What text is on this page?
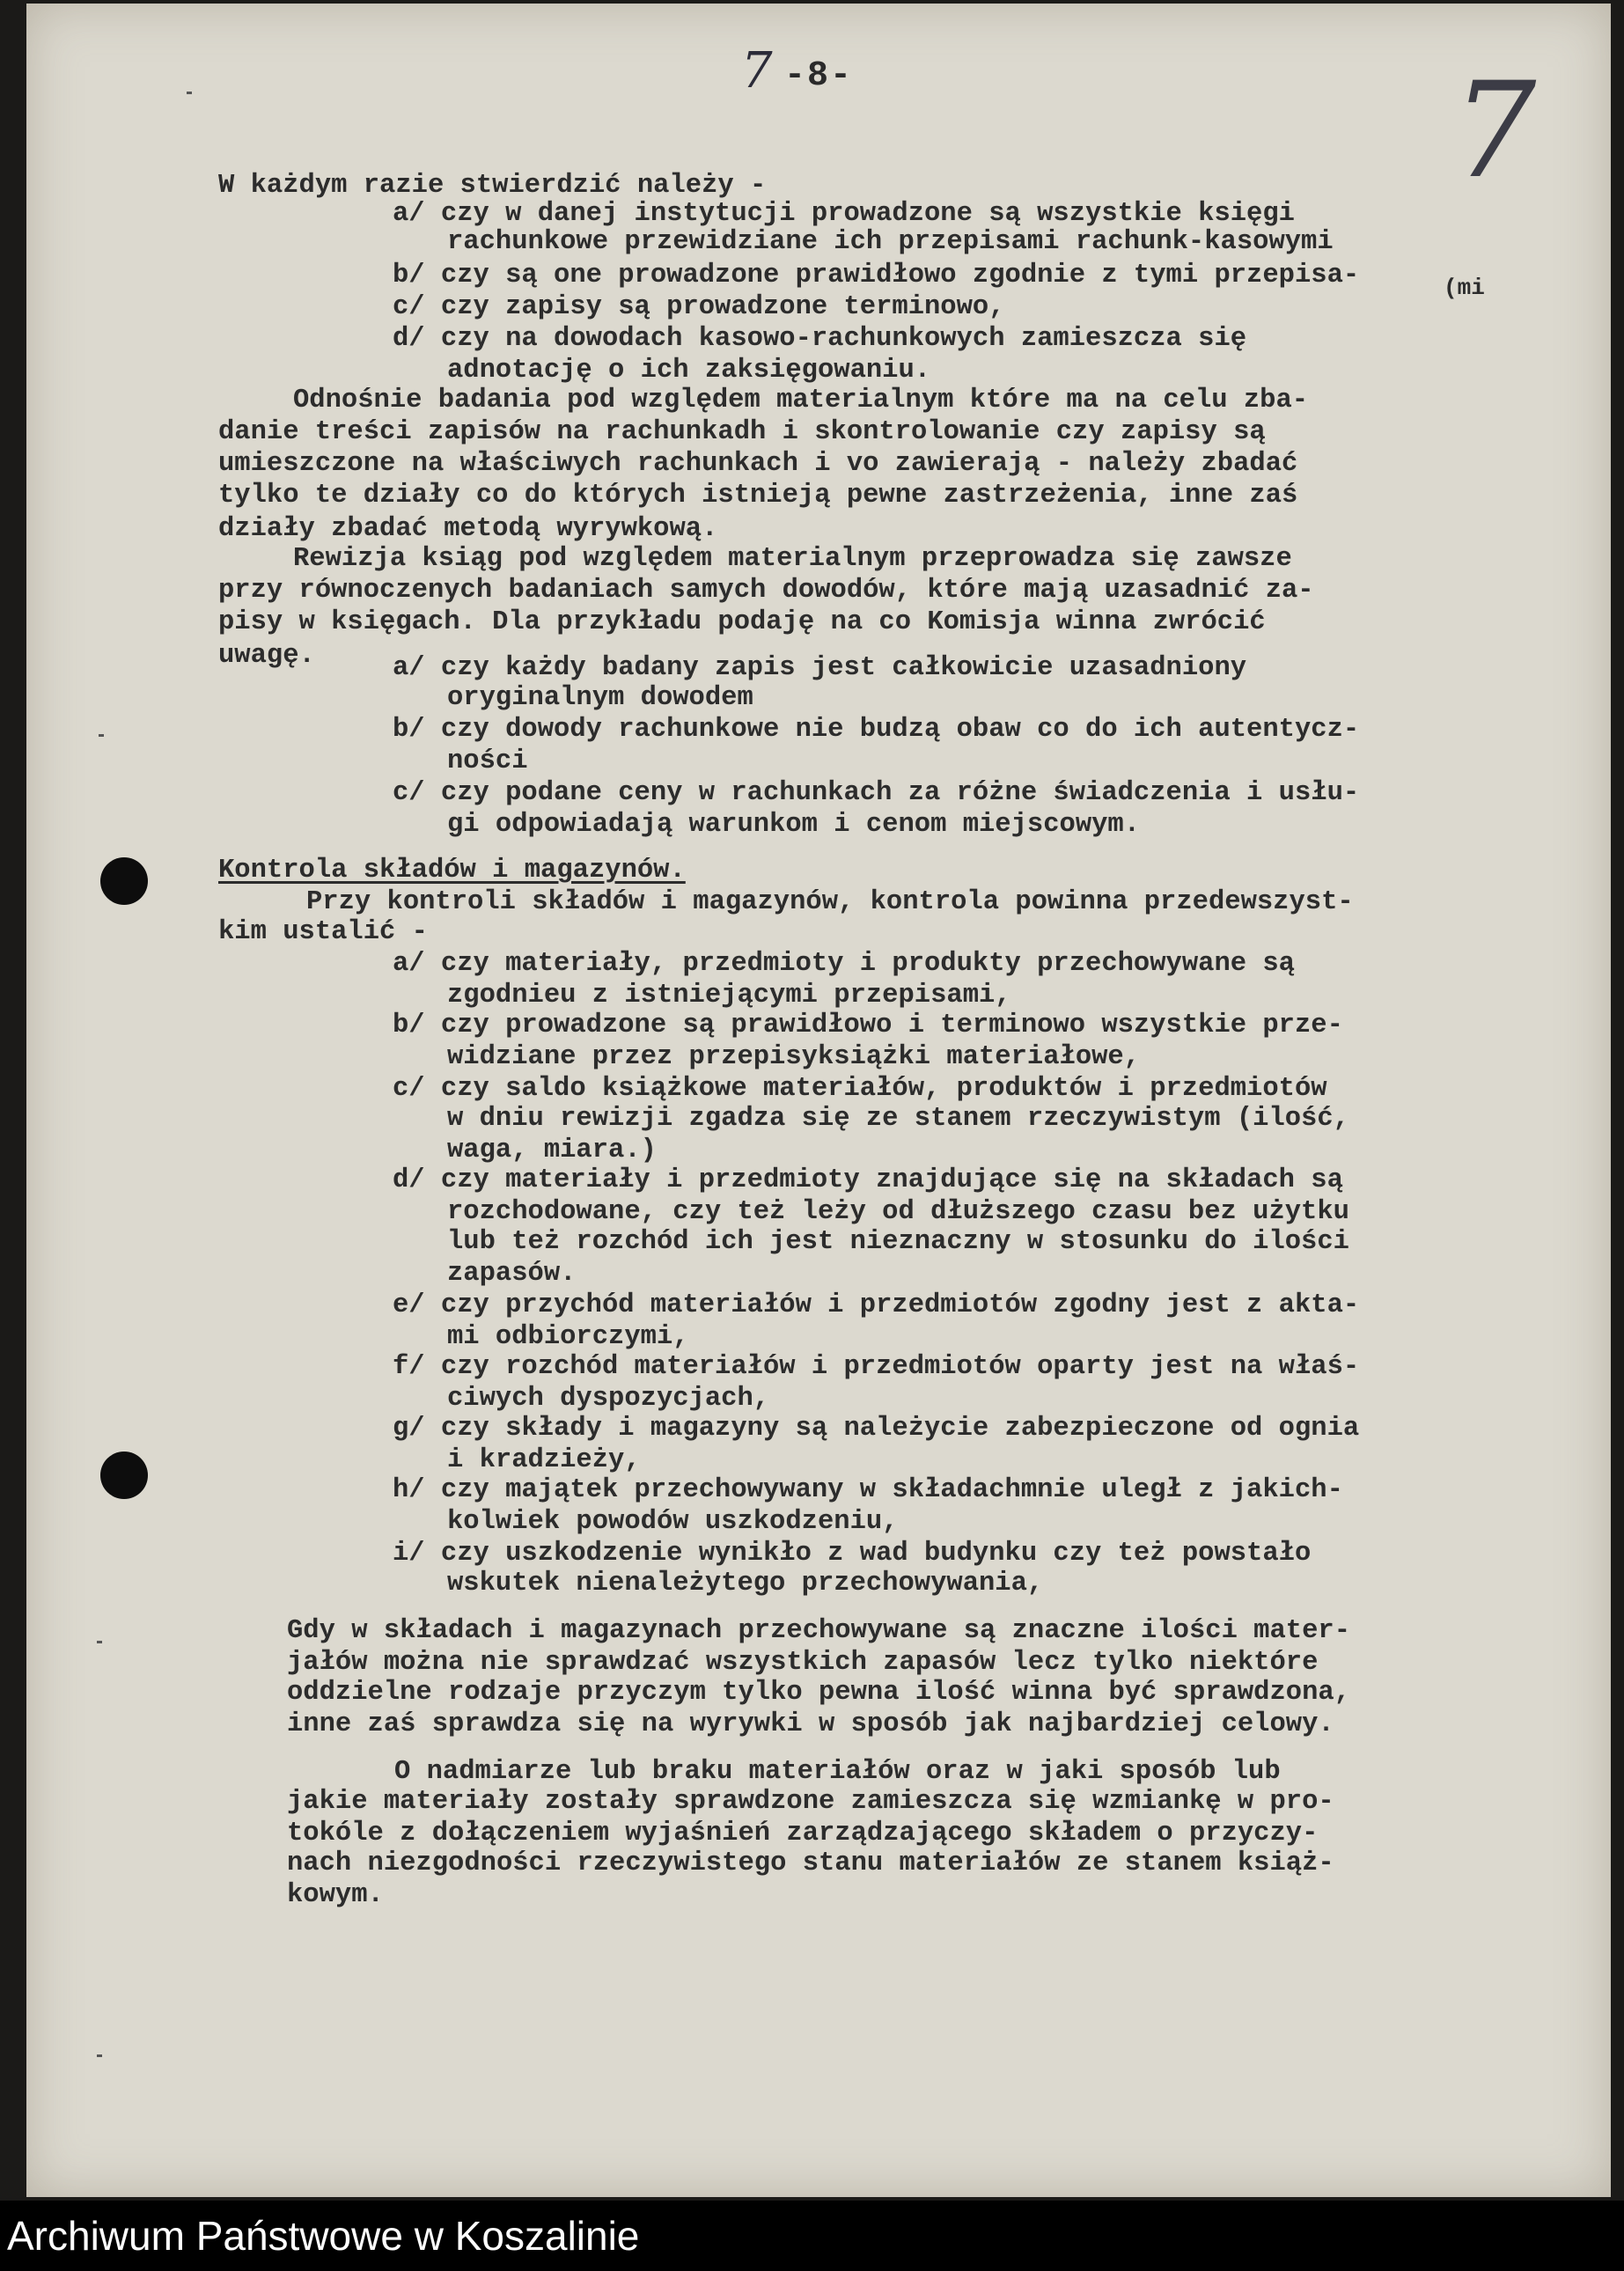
7 -8-	7
W każdym razie stwierdzić należy -
a/ czy w danej instytucji prowadzone są wszystkie księgi
rachunkowe przewidziane ich przepisami rachunk-kasowymi
b/ czy są one prowadzone prawidłowo zgodnie z tymi przepisa-
c/ czy zapisy są prowadzone terminowo,
d/ czy na dowodach kasowo-rachunkowych zamieszcza się
adnotację o ich zaksięgowaniu.
Odnośnie badania pod względem materialnym które ma na celu zba-
danie treści zapisów na rachunkadh i skontrolowanie czy zapisy są
umieszczone na właściwych rachunkach i vo zawierają - należy zbadać
tylko te działy co do których istnieją pewne zastrzeżenia, inne zaś
działy zbadać metodą wyrywkową.
Rewizja ksiąg pod względem materialnym przeprowadza się zawsze
przy równoczenych badaniach samych dowodów, które mają uzasadnić za-
pisy w księgach. Dla przykładu podaję na co Komisja winna zwrócić
uwagę.	a/ czy każdy badany zapis jest całkowicie uzasadniony
oryginalnym dowodem
b/ czy dowody rachunkowe nie budzą obaw co do ich autentycz-
ności
c/ czy podane ceny w rachunkach za różne świadczenia i usłu-
gi odpowiadają warunkom i cenom miejscowym.
Kontrola składów i magazynów.
Przy kontroli składów i magazynów, kontrola powinna przedewszyst-
kim ustalić -
a/ czy materiały, przedmioty i produkty przechowywane są
zgodnieu z istniejącymi przepisami,
b/ czy prowadzone są prawidłowo i terminowo wszystkie prze-
widziane przez przepisyksiążki materiałowe,
c/ czy saldo książkowe materiałów, produktów i przedmiotów
w dniu rewizji zgadza się ze stanem rzeczywistym (ilość,
waga, miara.)
d/ czy materiały i przedmioty znajdujące się na składach są
rozchodowane, czy też leży od dłuższego czasu bez użytku
lub też rozchód ich jest nieznaczny w stosunku do ilości
zapasów.
e/ czy przychód materiałów i przedmiotów zgodny jest z akta-
mi odbiorczymi,
f/ czy rozchód materiałów i przedmiotów oparty jest na właś-
ciwych dyspozycjach,
g/ czy składy i magazyny są należycie zabezpieczone od ognia
i kradzieży,
h/ czy majątek przechowywany w składachmnie uległ z jakich-
kolwiek powodów uszkodzeniu,
i/ czy uszkodzenie wynikło z wad budynku czy też powstało
wskutek nienależytego przechowywania,
Gdy w składach i magazynach przechowywane są znaczne ilości mater-
jałów można nie sprawdzać wszystkich zapasów lecz tylko niektóre
oddzielne rodzaje przyczym tylko pewna ilość winna być sprawdzona,
inne zaś sprawdza się na wyrywki w sposób jak najbardziej celowy.
O nadmiarze lub braku materiałów oraz w jaki sposób lub
jakie materiały zostały sprawdzone zamieszcza się wzmiankę w pro-
tokóle z dołączeniem wyjaśnień zarządzającego składem o przyczy-
nach niezgodności rzeczywistego stanu materiałów ze stanem książ-
kowym.
(mi
Archiwum Państwowe w Koszalinie
